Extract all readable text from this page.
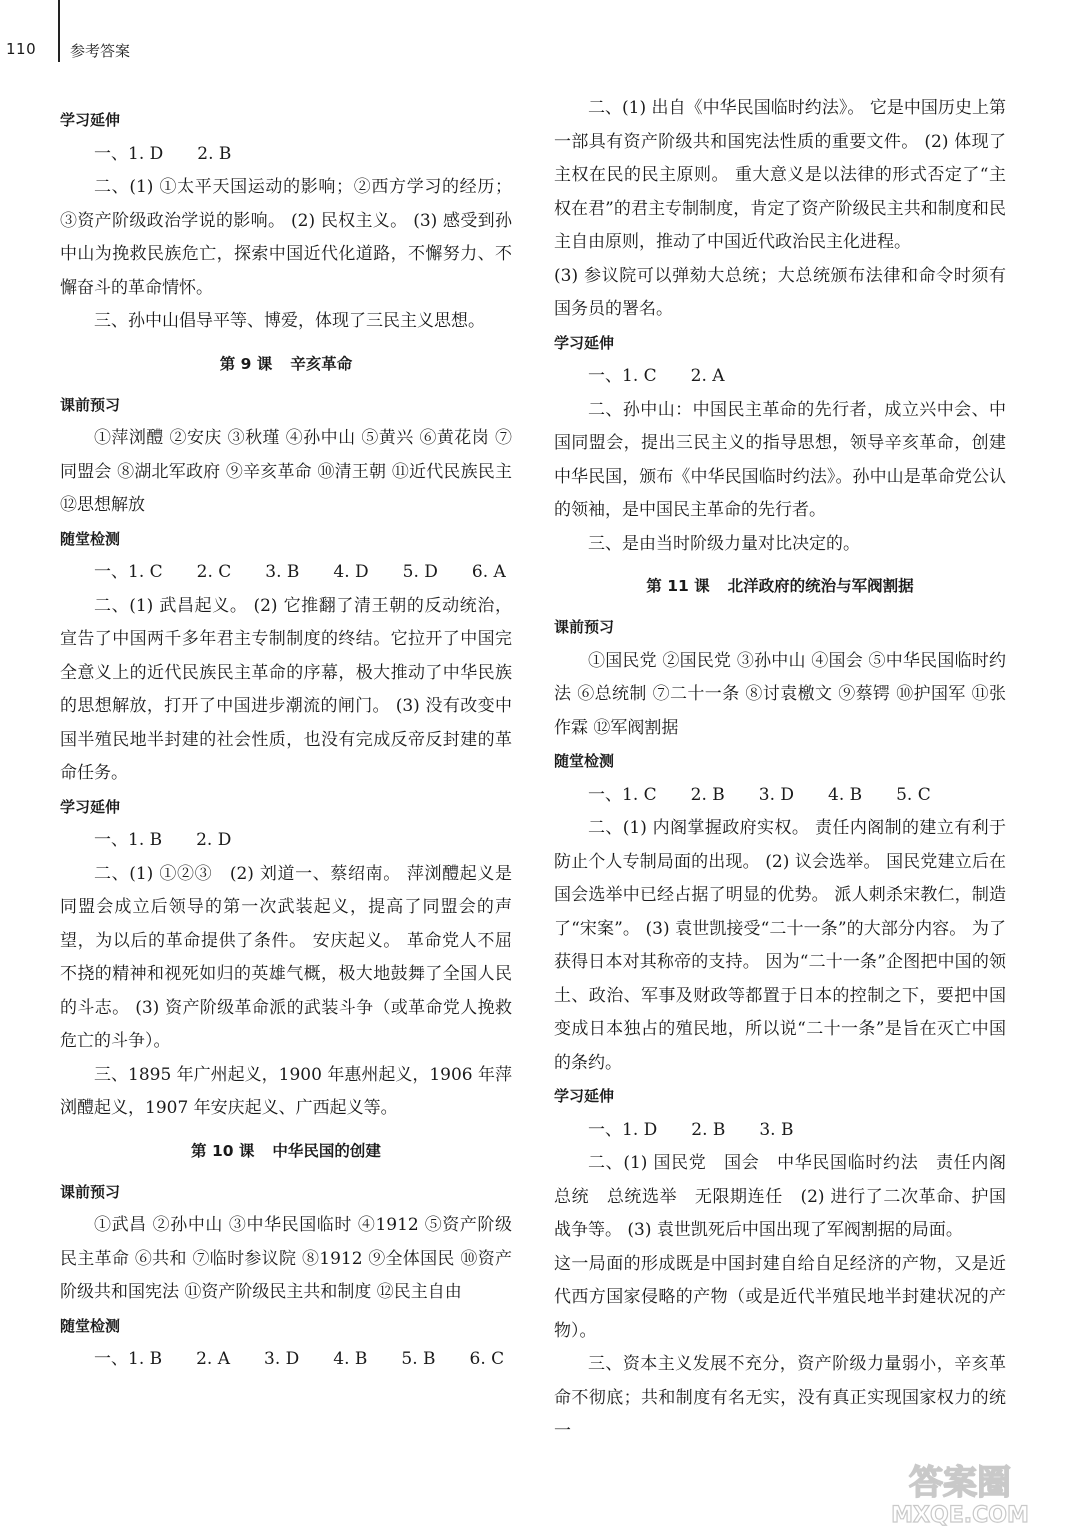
110 参考答案

学习延伸

一、1. D　　2. B

二、(1) ①太平天国运动的影响；②西方学习的经历；③资产阶级政治学说的影响。 (2) 民权主义。 (3) 感受到孙中山为挽救民族危亡，探索中国近代化道路，不懈努力、不懈奋斗的革命情怀。

三、孙中山倡导平等、博爱，体现了三民主义思想。

第 9 课 辛亥革命

课前预习

①萍浏醴 ②安庆 ③秋瑾 ④孙中山 ⑤黄兴 ⑥黄花岗 ⑦同盟会 ⑧湖北军政府 ⑨辛亥革命 ⑩清王朝 ⑪近代民族民主 ⑫思想解放

随堂检测

一、1. C　　2. C　　3. B　　4. D　　5. D　　6. A

二、(1) 武昌起义。 (2) 它推翻了清王朝的反动统治，宣告了中国两千多年君主专制制度的终结。它拉开了中国完全意义上的近代民族民主革命的序幕，极大推动了中华民族的思想解放，打开了中国进步潮流的闸门。 (3) 没有改变中国半殖民地半封建的社会性质，也没有完成反帝反封建的革命任务。

学习延伸

一、1. B　　2. D

二、(1) ①②③　(2) 刘道一、蔡绍南。 萍浏醴起义是同盟会成立后领导的第一次武装起义，提高了同盟会的声望，为以后的革命提供了条件。 安庆起义。 革命党人不屈不挠的精神和视死如归的英雄气概，极大地鼓舞了全国人民的斗志。 (3) 资产阶级革命派的武装斗争（或革命党人挽救危亡的斗争）。

三、1895 年广州起义，1900 年惠州起义，1906 年萍浏醴起义，1907 年安庆起义、广西起义等。

第 10 课 中华民国的创建

课前预习

①武昌 ②孙中山 ③中华民国临时 ④1912 ⑤资产阶级民主革命 ⑥共和 ⑦临时参议院 ⑧1912 ⑨全体国民 ⑩资产阶级共和国宪法 ⑪资产阶级民主共和制度 ⑫民主自由

随堂检测

一、1. B　　2. A　　3. D　　4. B　　5. B　　6. C

二、(1) 出自《中华民国临时约法》。 它是中国历史上第一部具有资产阶级共和国宪法性质的重要文件。 (2) 体现了主权在民的民主原则。 重大意义是以法律的形式否定了“主权在君”的君主专制制度，肯定了资产阶级民主共和制度和民主自由原则，推动了中国近代政治民主化进程。

(3) 参议院可以弹劾大总统；大总统颁布法律和命令时须有国务员的署名。

学习延伸

一、1. C　　2. A

二、孙中山：中国民主革命的先行者，成立兴中会、中国同盟会，提出三民主义的指导思想，领导辛亥革命，创建中华民国，颁布《中华民国临时约法》。孙中山是革命党公认的领袖，是中国民主革命的先行者。

三、是由当时阶级力量对比决定的。

第 11 课 北洋政府的统治与军阀割据

课前预习

①国民党 ②国民党 ③孙中山 ④国会 ⑤中华民国临时约法 ⑥总统制 ⑦二十一条 ⑧讨袁檄文 ⑨蔡锷 ⑩护国军 ⑪张作霖 ⑫军阀割据

随堂检测

一、1. C　　2. B　　3. D　　4. B　　5. C

二、(1) 内阁掌握政府实权。 责任内阁制的建立有利于防止个人专制局面的出现。 (2) 议会选举。 国民党建立后在国会选举中已经占据了明显的优势。 派人刺杀宋教仁，制造了“宋案”。 (3) 袁世凯接受“二十一条”的大部分内容。 为了获得日本对其称帝的支持。 因为“二十一条”企图把中国的领土、政治、军事及财政等都置于日本的控制之下，要把中国变成日本独占的殖民地，所以说“二十一条”是旨在灭亡中国的条约。

学习延伸

一、1. D　　2. B　　3. B

二、(1) 国民党　国会　中华民国临时约法　责任内阁　总统　总统选举　无限期连任　(2) 进行了二次革命、护国战争等。 (3) 袁世凯死后中国出现了军阀割据的局面。

这一局面的形成既是中国封建自给自足经济的产物，又是近代西方国家侵略的产物（或是近代半殖民地半封建状况的产物）。

三、资本主义发展不充分，资产阶级力量弱小，辛亥革命不彻底；共和制度有名无实，没有真正实现国家权力的统一

答案圈
MXQE.COM
